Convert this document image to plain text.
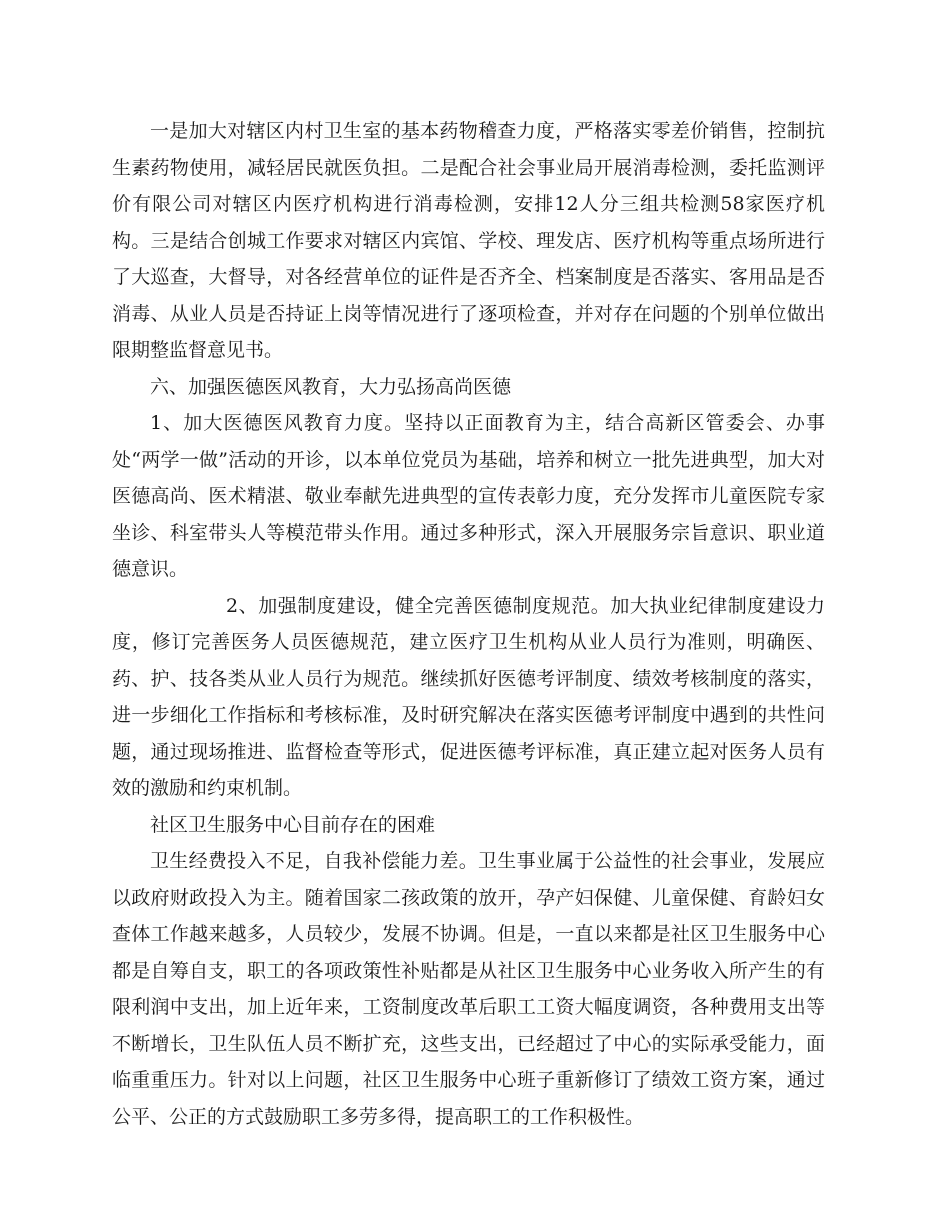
一是加大对辖区内村卫生室的基本药物稽查力度，严格落实零差价销售，控制抗生素药物使用，减轻居民就医负担。二是配合社会事业局开展消毒检测，委托监测评价有限公司对辖区内医疗机构进行消毒检测，安排12人分三组共检测58家医疗机构。三是结合创城工作要求对辖区内宾馆、学校、理发店、医疗机构等重点场所进行了大巡查，大督导，对各经营单位的证件是否齐全、档案制度是否落实、客用品是否消毒、从业人员是否持证上岗等情况进行了逐项检查，并对存在问题的个别单位做出限期整监督意见书。

六、加强医德医风教育，大力弘扬高尚医德

1、加大医德医风教育力度。坚持以正面教育为主，结合高新区管委会、办事处“两学一做”活动的开诊，以本单位党员为基础，培养和树立一批先进典型，加大对医德高尚、医术精湛、敬业奉献先进典型的宣传表彰力度，充分发挥市儿童医院专家坐诊、科室带头人等模范带头作用。通过多种形式，深入开展服务宗旨意识、职业道德意识。

2、加强制度建设，健全完善医德制度规范。加大执业纪律制度建设力度，修订完善医务人员医德规范，建立医疗卫生机构从业人员行为准则，明确医、药、护、技各类从业人员行为规范。继续抓好医德考评制度、绩效考核制度的落实，进一步细化工作指标和考核标准，及时研究解决在落实医德考评制度中遇到的共性问题，通过现场推进、监督检查等形式，促进医德考评标准，真正建立起对医务人员有效的激励和约束机制。

社区卫生服务中心目前存在的困难

卫生经费投入不足，自我补偿能力差。卫生事业属于公益性的社会事业，发展应以政府财政投入为主。随着国家二孩政策的放开，孕产妇保健、儿童保健、育龄妇女查体工作越来越多，人员较少，发展不协调。但是，一直以来都是社区卫生服务中心都是自筹自支，职工的各项政策性补贴都是从社区卫生服务中心业务收入所产生的有限利润中支出，加上近年来，工资制度改革后职工工资大幅度调资，各种费用支出等不断增长，卫生队伍人员不断扩充，这些支出，已经超过了中心的实际承受能力，面临重重压力。针对以上问题，社区卫生服务中心班子重新修订了绩效工资方案，通过公平、公正的方式鼓励职工多劳多得，提高职工的工作积极性。
